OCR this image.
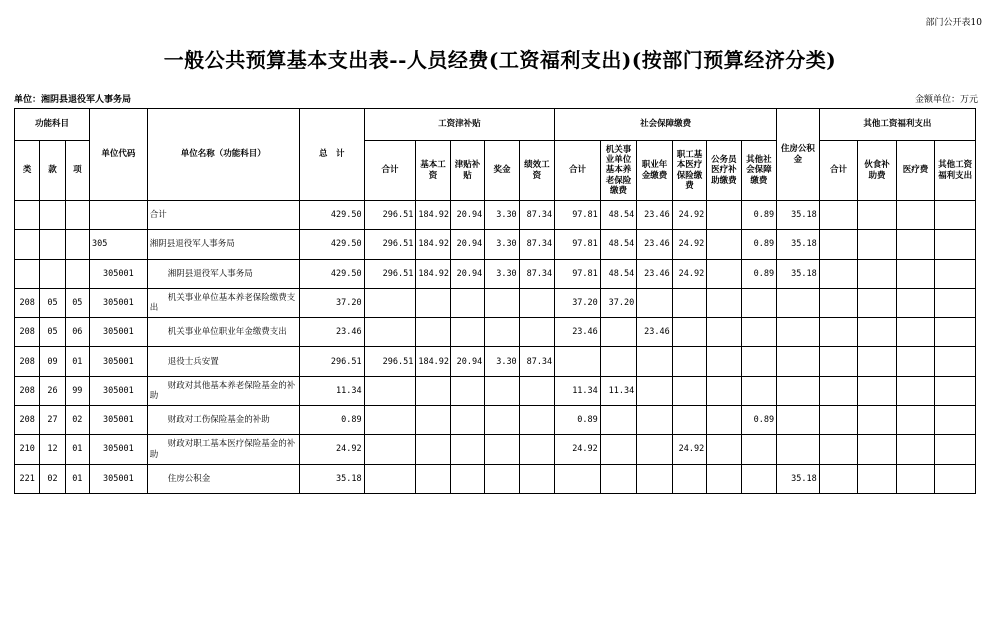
部门公开表10
一般公共预算基本支出表--人员经费(工资福利支出)(按部门预算经济分类)
单位：湘阴县退役军人事务局	金额单位：万元
功能科目			单位代码	单位名称（功能科目）	总　计	工资津补贴					社会保障缴费						住房公积金	其他工资福利支出			
类	款	项				合计	基本工资	津贴补贴	奖金	绩效工资	合计	机关事业单位基本养老保险缴费	职业年金缴费	职工基本医疗保险缴费	公务员医疗补助缴费	其他社会保障缴费		合计	伙食补助费	医疗费	其他工资福利支出
				合计	429.50	296.51	184.92	20.94	3.30	87.34	97.81	48.54	23.46	24.92		0.89	35.18				
			305	湘阴县退役军人事务局	429.50	296.51	184.92	20.94	3.30	87.34	97.81	48.54	23.46	24.92		0.89	35.18				
			305001	湘阴县退役军人事务局	429.50	296.51	184.92	20.94	3.30	87.34	97.81	48.54	23.46	24.92		0.89	35.18				
208	05	05	305001	机关事业单位基本养老保险缴费支出	37.20						37.20	37.20									
208	05	06	305001	机关事业单位职业年金缴费支出	23.46						23.46		23.46								
208	09	01	305001	退役士兵安置	296.51	296.51	184.92	20.94	3.30	87.34											
208	26	99	305001	财政对其他基本养老保险基金的补助	11.34						11.34	11.34									
208	27	02	305001	财政对工伤保险基金的补助	0.89						0.89					0.89					
210	12	01	305001	财政对职工基本医疗保险基金的补助	24.92						24.92			24.92							
221	02	01	305001	住房公积金	35.18												35.18				
